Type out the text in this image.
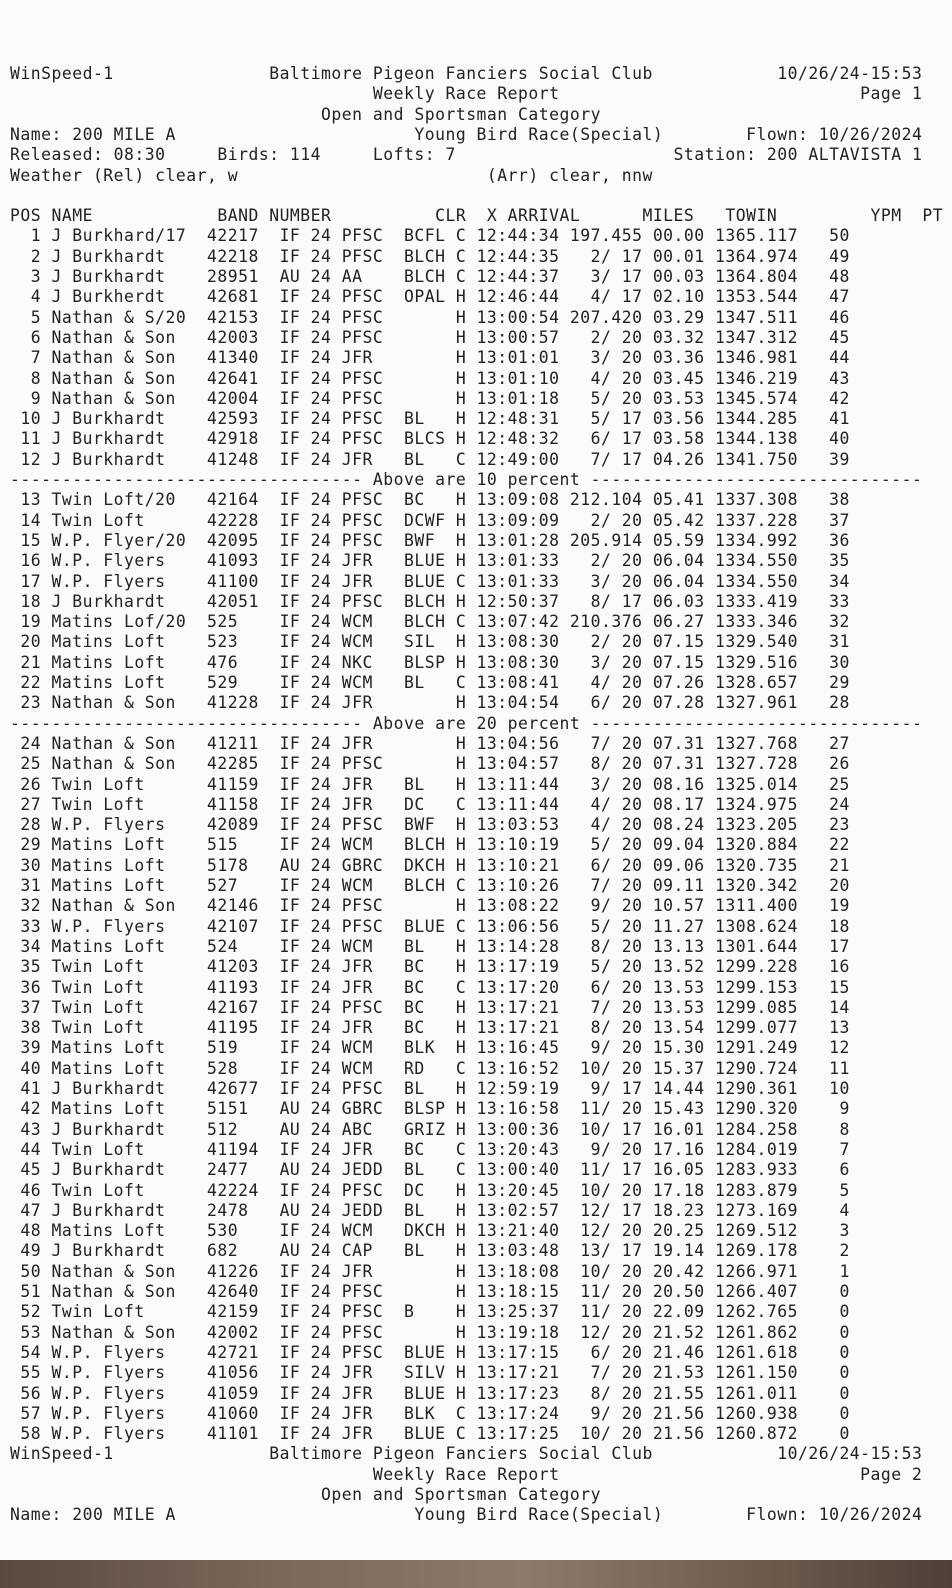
WinSpeed-1               Baltimore Pigeon Fanciers Social Club            10/26/24-15:53
Weekly Race Report                             Page 1
Open and Sportsman Category
Name: 200 MILE A                       Young Bird Race(Special)        Flown: 10/26/2024
Released: 08:30     Birds: 114     Lofts: 7                     Station: 200 ALTAVISTA 1
Weather (Rel) clear, w                        (Arr) clear, nnw
POS NAME            BAND NUMBER          CLR  X ARRIVAL      MILES   TOWIN         YPM  PT
1 J Burkhard/17  42217  IF 24 PFSC  BCFL C 12:44:34 197.455 00.00 1365.117   50
2 J Burkhardt    42218  IF 24 PFSC  BLCH C 12:44:35   2/ 17 00.01 1364.974   49
3 J Burkhardt    28951  AU 24 AA    BLCH C 12:44:37   3/ 17 00.03 1364.804   48
4 J Burkherdt    42681  IF 24 PFSC  OPAL H 12:46:44   4/ 17 02.10 1353.544   47
5 Nathan & S/20  42153  IF 24 PFSC       H 13:00:54 207.420 03.29 1347.511   46
6 Nathan & Son   42003  IF 24 PFSC       H 13:00:57   2/ 20 03.32 1347.312   45
7 Nathan & Son   41340  IF 24 JFR        H 13:01:01   3/ 20 03.36 1346.981   44
8 Nathan & Son   42641  IF 24 PFSC       H 13:01:10   4/ 20 03.45 1346.219   43
9 Nathan & Son   42004  IF 24 PFSC       H 13:01:18   5/ 20 03.53 1345.574   42
10 J Burkhardt    42593  IF 24 PFSC  BL   H 12:48:31   5/ 17 03.56 1344.285   41
11 J Burkhardt    42918  IF 24 PFSC  BLCS H 12:48:32   6/ 17 03.58 1344.138   40
12 J Burkhardt    41248  IF 24 JFR   BL   C 12:49:00   7/ 17 04.26 1341.750   39
---------------------------------- Above are 10 percent --------------------------------
13 Twin Loft/20   42164  IF 24 PFSC  BC   H 13:09:08 212.104 05.41 1337.308   38
14 Twin Loft      42228  IF 24 PFSC  DCWF H 13:09:09   2/ 20 05.42 1337.228   37
15 W.P. Flyer/20  42095  IF 24 PFSC  BWF  H 13:01:28 205.914 05.59 1334.992   36
16 W.P. Flyers    41093  IF 24 JFR   BLUE H 13:01:33   2/ 20 06.04 1334.550   35
17 W.P. Flyers    41100  IF 24 JFR   BLUE C 13:01:33   3/ 20 06.04 1334.550   34
18 J Burkhardt    42051  IF 24 PFSC  BLCH H 12:50:37   8/ 17 06.03 1333.419   33
19 Matins Lof/20  525    IF 24 WCM   BLCH C 13:07:42 210.376 06.27 1333.346   32
20 Matins Loft    523    IF 24 WCM   SIL  H 13:08:30   2/ 20 07.15 1329.540   31
21 Matins Loft    476    IF 24 NKC   BLSP H 13:08:30   3/ 20 07.15 1329.516   30
22 Matins Loft    529    IF 24 WCM   BL   C 13:08:41   4/ 20 07.26 1328.657   29
23 Nathan & Son   41228  IF 24 JFR        H 13:04:54   6/ 20 07.28 1327.961   28
---------------------------------- Above are 20 percent --------------------------------
24 Nathan & Son   41211  IF 24 JFR        H 13:04:56   7/ 20 07.31 1327.768   27
25 Nathan & Son   42285  IF 24 PFSC       H 13:04:57   8/ 20 07.31 1327.728   26
26 Twin Loft      41159  IF 24 JFR   BL   H 13:11:44   3/ 20 08.16 1325.014   25
27 Twin Loft      41158  IF 24 JFR   DC   C 13:11:44   4/ 20 08.17 1324.975   24
28 W.P. Flyers    42089  IF 24 PFSC  BWF  H 13:03:53   4/ 20 08.24 1323.205   23
29 Matins Loft    515    IF 24 WCM   BLCH H 13:10:19   5/ 20 09.04 1320.884   22
30 Matins Loft    5178   AU 24 GBRC  DKCH H 13:10:21   6/ 20 09.06 1320.735   21
31 Matins Loft    527    IF 24 WCM   BLCH C 13:10:26   7/ 20 09.11 1320.342   20
32 Nathan & Son   42146  IF 24 PFSC       H 13:08:22   9/ 20 10.57 1311.400   19
33 W.P. Flyers    42107  IF 24 PFSC  BLUE C 13:06:56   5/ 20 11.27 1308.624   18
34 Matins Loft    524    IF 24 WCM   BL   H 13:14:28   8/ 20 13.13 1301.644   17
35 Twin Loft      41203  IF 24 JFR   BC   H 13:17:19   5/ 20 13.52 1299.228   16
36 Twin Loft      41193  IF 24 JFR   BC   C 13:17:20   6/ 20 13.53 1299.153   15
37 Twin Loft      42167  IF 24 PFSC  BC   H 13:17:21   7/ 20 13.53 1299.085   14
38 Twin Loft      41195  IF 24 JFR   BC   H 13:17:21   8/ 20 13.54 1299.077   13
39 Matins Loft    519    IF 24 WCM   BLK  H 13:16:45   9/ 20 15.30 1291.249   12
40 Matins Loft    528    IF 24 WCM   RD   C 13:16:52  10/ 20 15.37 1290.724   11
41 J Burkhardt    42677  IF 24 PFSC  BL   H 12:59:19   9/ 17 14.44 1290.361   10
42 Matins Loft    5151   AU 24 GBRC  BLSP H 13:16:58  11/ 20 15.43 1290.320    9
43 J Burkhardt    512    AU 24 ABC   GRIZ H 13:00:36  10/ 17 16.01 1284.258    8
44 Twin Loft      41194  IF 24 JFR   BC   C 13:20:43   9/ 20 17.16 1284.019    7
45 J Burkhardt    2477   AU 24 JEDD  BL   C 13:00:40  11/ 17 16.05 1283.933    6
46 Twin Loft      42224  IF 24 PFSC  DC   H 13:20:45  10/ 20 17.18 1283.879    5
47 J Burkhardt    2478   AU 24 JEDD  BL   H 13:02:57  12/ 17 18.23 1273.169    4
48 Matins Loft    530    IF 24 WCM   DKCH H 13:21:40  12/ 20 20.25 1269.512    3
49 J Burkhardt    682    AU 24 CAP   BL   H 13:03:48  13/ 17 19.14 1269.178    2
50 Nathan & Son   41226  IF 24 JFR        H 13:18:08  10/ 20 20.42 1266.971    1
51 Nathan & Son   42640  IF 24 PFSC       H 13:18:15  11/ 20 20.50 1266.407    0
52 Twin Loft      42159  IF 24 PFSC  B    H 13:25:37  11/ 20 22.09 1262.765    0
53 Nathan & Son   42002  IF 24 PFSC       H 13:19:18  12/ 20 21.52 1261.862    0
54 W.P. Flyers    42721  IF 24 PFSC  BLUE H 13:17:15   6/ 20 21.46 1261.618    0
55 W.P. Flyers    41056  IF 24 JFR   SILV H 13:17:21   7/ 20 21.53 1261.150    0
56 W.P. Flyers    41059  IF 24 JFR   BLUE H 13:17:23   8/ 20 21.55 1261.011    0
57 W.P. Flyers    41060  IF 24 JFR   BLK  C 13:17:24   9/ 20 21.56 1260.938    0
58 W.P. Flyers    41101  IF 24 JFR   BLUE C 13:17:25  10/ 20 21.56 1260.872    0
WinSpeed-1               Baltimore Pigeon Fanciers Social Club            10/26/24-15:53
Weekly Race Report                             Page 2
Open and Sportsman Category
Name: 200 MILE A                       Young Bird Race(Special)        Flown: 10/26/2024
